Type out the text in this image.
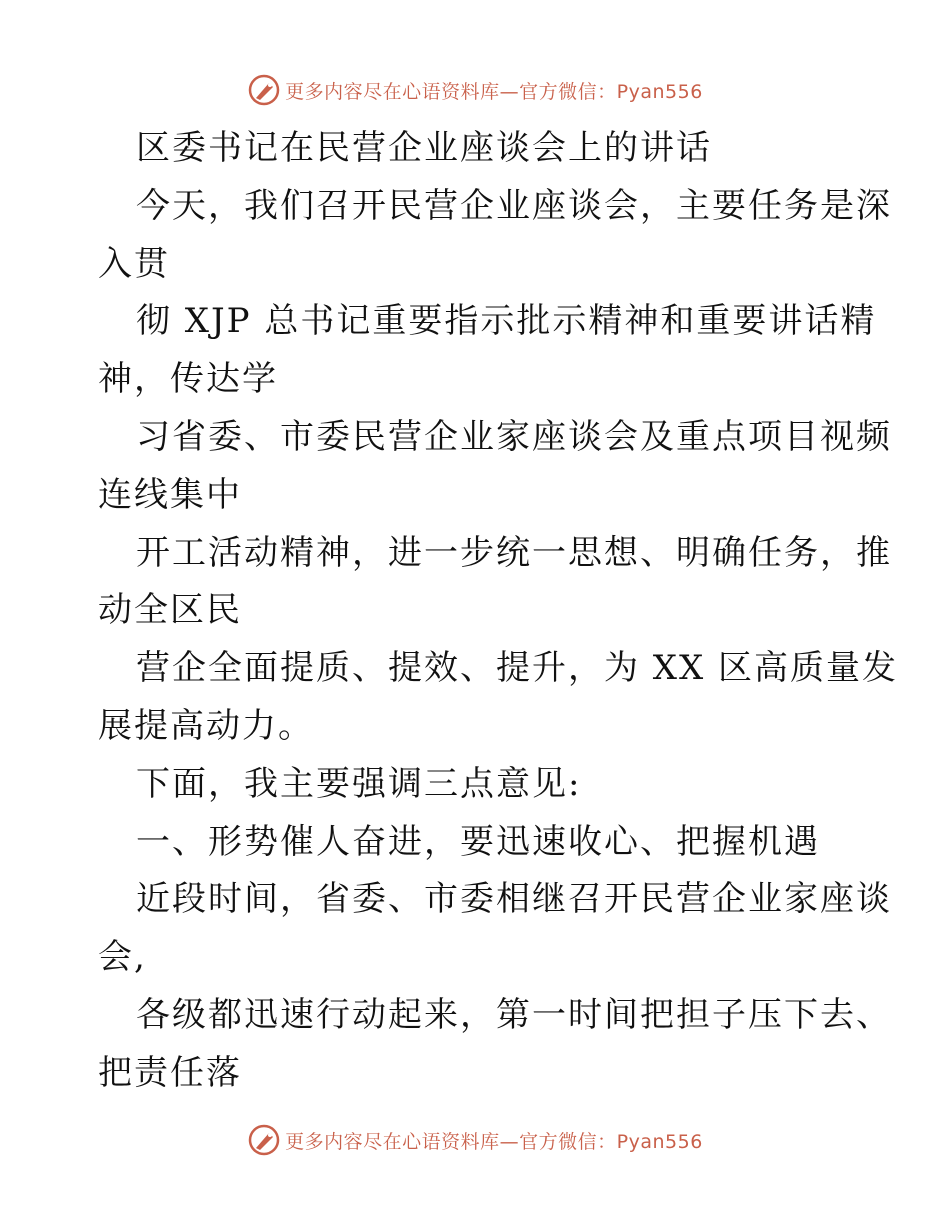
更多内容尽在心语资料库—官方微信：Pyan556
区委书记在民营企业座谈会上的讲话
今天，我们召开民营企业座谈会，主要任务是深
入贯
彻 XJP 总书记重要指示批示精神和重要讲话精
神，传达学
习省委、市委民营企业家座谈会及重点项目视频
连线集中
开工活动精神，进一步统一思想、明确任务，推
动全区民
营企全面提质、提效、提升，为 XX 区高质量发
展提高动力。
下面，我主要强调三点意见:
一、形势催人奋进，要迅速收心、把握机遇
近段时间，省委、市委相继召开民营企业家座谈
会,
各级都迅速行动起来，第一时间把担子压下去、
把责任落
更多内容尽在心语资料库—官方微信：Pyan556
